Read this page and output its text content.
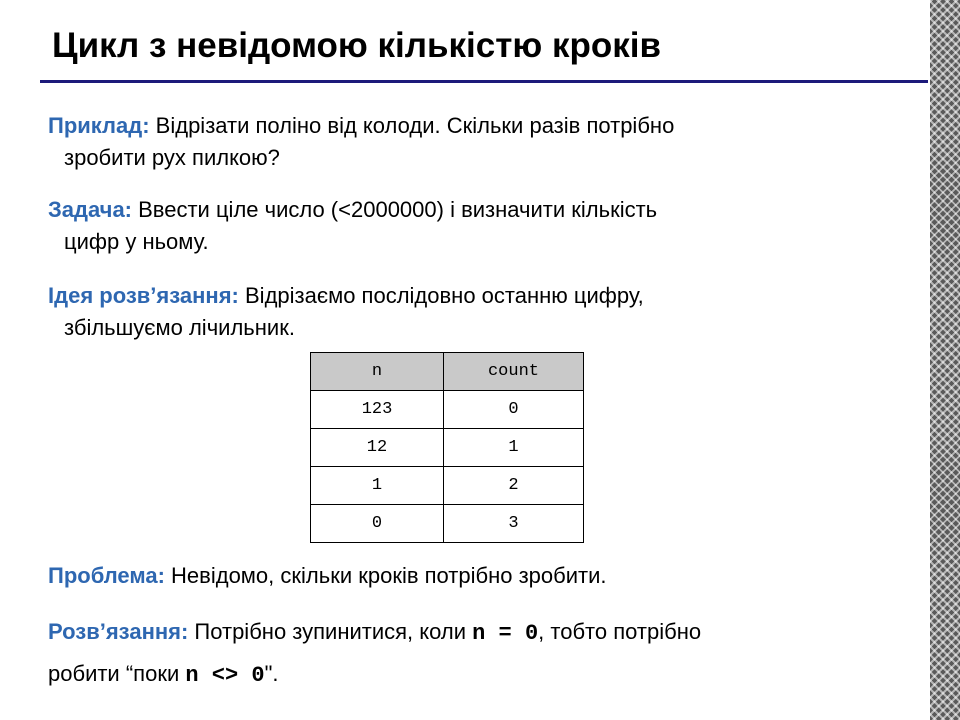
Цикл з невідомою кількістю кроків
Приклад: Відрізати поліно від колоди. Скільки разів потрібно
зробити рух пилкою?
Задача: Ввести ціле число (<2000000) і визначити кількість
цифр у ньому.
Ідея розв’язання: Відрізаємо послідовно останню цифру,
збільшуємо лічильник.
n	count
123	0
12	1
1	2
0	3
Проблема: Невідомо, скільки кроків потрібно зробити.
Розв’язання: Потрібно зупинитися, коли n = 0, тобто потрібно
робити “поки n <> 0".
